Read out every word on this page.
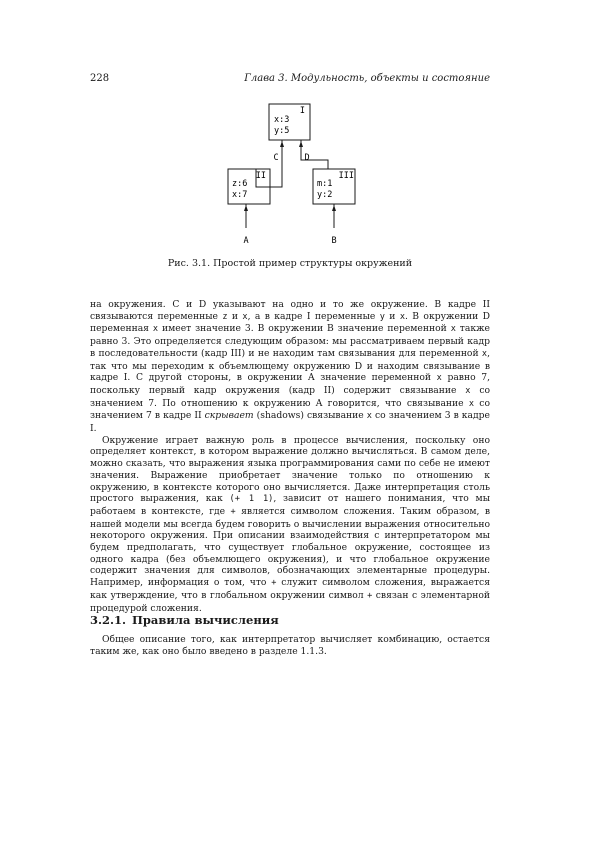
228	Глава 3. Модульность, объекты и состояние
I
x:3
y:5
II
z:6
x:7
III
m:1
y:2
C	D
A	B
Рис. 3.1. Простой пример структуры окружений

на окружения. C и D указывают на одно и то же окружение. В кадре II связываются переменные z и x, а в кадре I переменные y и x. В окружении D переменная x имеет значение 3. В окружении B значение переменной x также равно 3. Это определяется следующим образом: мы рассматриваем первый кадр в последовательности (кадр III) и не находим там связывания для переменной x, так что мы переходим к объемлющему окружению D и находим связывание в кадре I. С другой стороны, в окружении A значение переменной x равно 7, поскольку первый кадр окружения (кадр II) содержит связывание x со значением 7. По отношению к окружению A говорится, что связывание x со значением 7 в кадре II скрывает (shadows) связывание x со значением 3 в кадре I.

Окружение играет важную роль в процессе вычисления, поскольку оно определяет контекст, в котором выражение должно вычисляться. В самом деле, можно сказать, что выражения языка программирования сами по себе не имеют значения. Выражение приобретает значение только по отношению к окружению, в контексте которого оно вычисляется. Даже интерпретация столь простого выражения, как (+ 1 1), зависит от нашего понимания, что мы работаем в контексте, где + является символом сложения. Таким образом, в нашей модели мы всегда будем говорить о вычислении выражения относительно некоторого окружения. При описании взаимодействия с интерпретатором мы будем предполагать, что существует глобальное окружение, состоящее из одного кадра (без объемлющего окружения), и что глобальное окружение содержит значения для символов, обозначающих элементарные процедуры. Например, информация о том, что + служит символом сложения, выражается как утверждение, что в глобальном окружении символ + связан с элементарной процедурой сложения.

3.2.1. Правила вычисления
Общее описание того, как интерпретатор вычисляет комбинацию, остается таким же, как оно было введено в разделе 1.1.3.
